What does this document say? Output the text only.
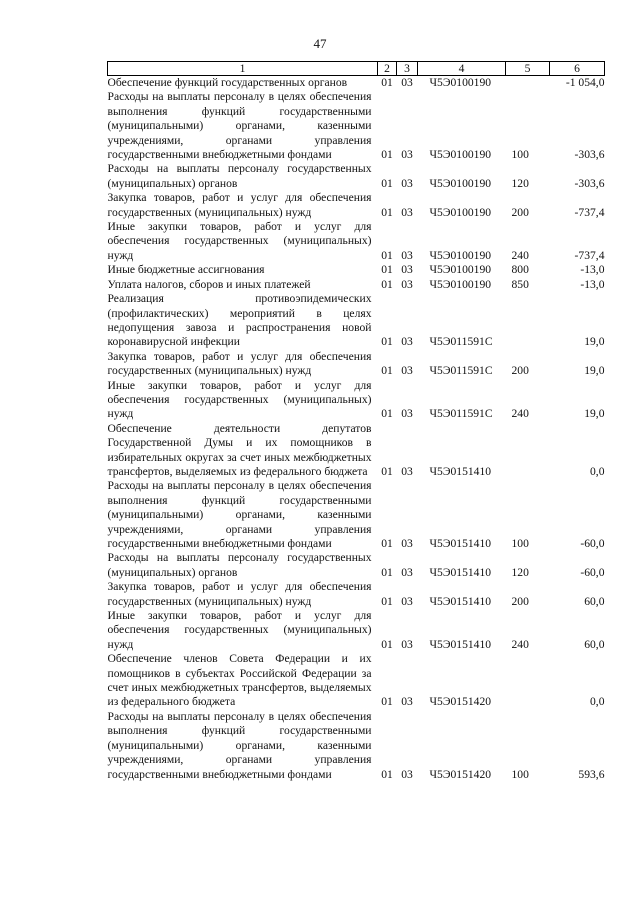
47
1	2	3	4	5	6
Обеспечение функций государственных органов	01	03	Ч5Э0100190		-1 054,0
Расходы на выплаты персоналу в целях обеспечения выполнения функций государственными (муниципальными) органами, казенными учреждениями, органами управления государственными внебюджетными фондами	01	03	Ч5Э0100190	100	-303,6
Расходы на выплаты персоналу государственных (муниципальных) органов	01	03	Ч5Э0100190	120	-303,6
Закупка товаров, работ и услуг для обеспечения государственных (муниципальных) нужд	01	03	Ч5Э0100190	200	-737,4
Иные закупки товаров, работ и услуг для обеспечения государственных (муниципальных) нужд	01	03	Ч5Э0100190	240	-737,4
Иные бюджетные ассигнования	01	03	Ч5Э0100190	800	-13,0
Уплата налогов, сборов и иных платежей	01	03	Ч5Э0100190	850	-13,0
Реализация противоэпидемических (профилактических) мероприятий в целях недопущения завоза и распространения новой коронавирусной инфекции	01	03	Ч5Э011591С		19,0
Закупка товаров, работ и услуг для обеспечения государственных (муниципальных) нужд	01	03	Ч5Э011591С	200	19,0
Иные закупки товаров, работ и услуг для обеспечения государственных (муниципальных) нужд	01	03	Ч5Э011591С	240	19,0
Обеспечение деятельности депутатов Государственной Думы и их помощников в избирательных округах за счет иных межбюджетных трансфертов, выделяемых из федерального бюджета	01	03	Ч5Э0151410		0,0
Расходы на выплаты персоналу в целях обеспечения выполнения функций государственными (муниципальными) органами, казенными учреждениями, органами управления государственными внебюджетными фондами	01	03	Ч5Э0151410	100	-60,0
Расходы на выплаты персоналу государственных (муниципальных) органов	01	03	Ч5Э0151410	120	-60,0
Закупка товаров, работ и услуг для обеспечения государственных (муниципальных) нужд	01	03	Ч5Э0151410	200	60,0
Иные закупки товаров, работ и услуг для обеспечения государственных (муниципальных) нужд	01	03	Ч5Э0151410	240	60,0
Обеспечение членов Совета Федерации и их помощников в субъектах Российской Федерации за счет иных межбюджетных трансфертов, выделяемых из федерального бюджета	01	03	Ч5Э0151420		0,0
Расходы на выплаты персоналу в целях обеспечения выполнения функций государственными (муниципальными) органами, казенными учреждениями, органами управления государственными внебюджетными фондами	01	03	Ч5Э0151420	100	593,6
